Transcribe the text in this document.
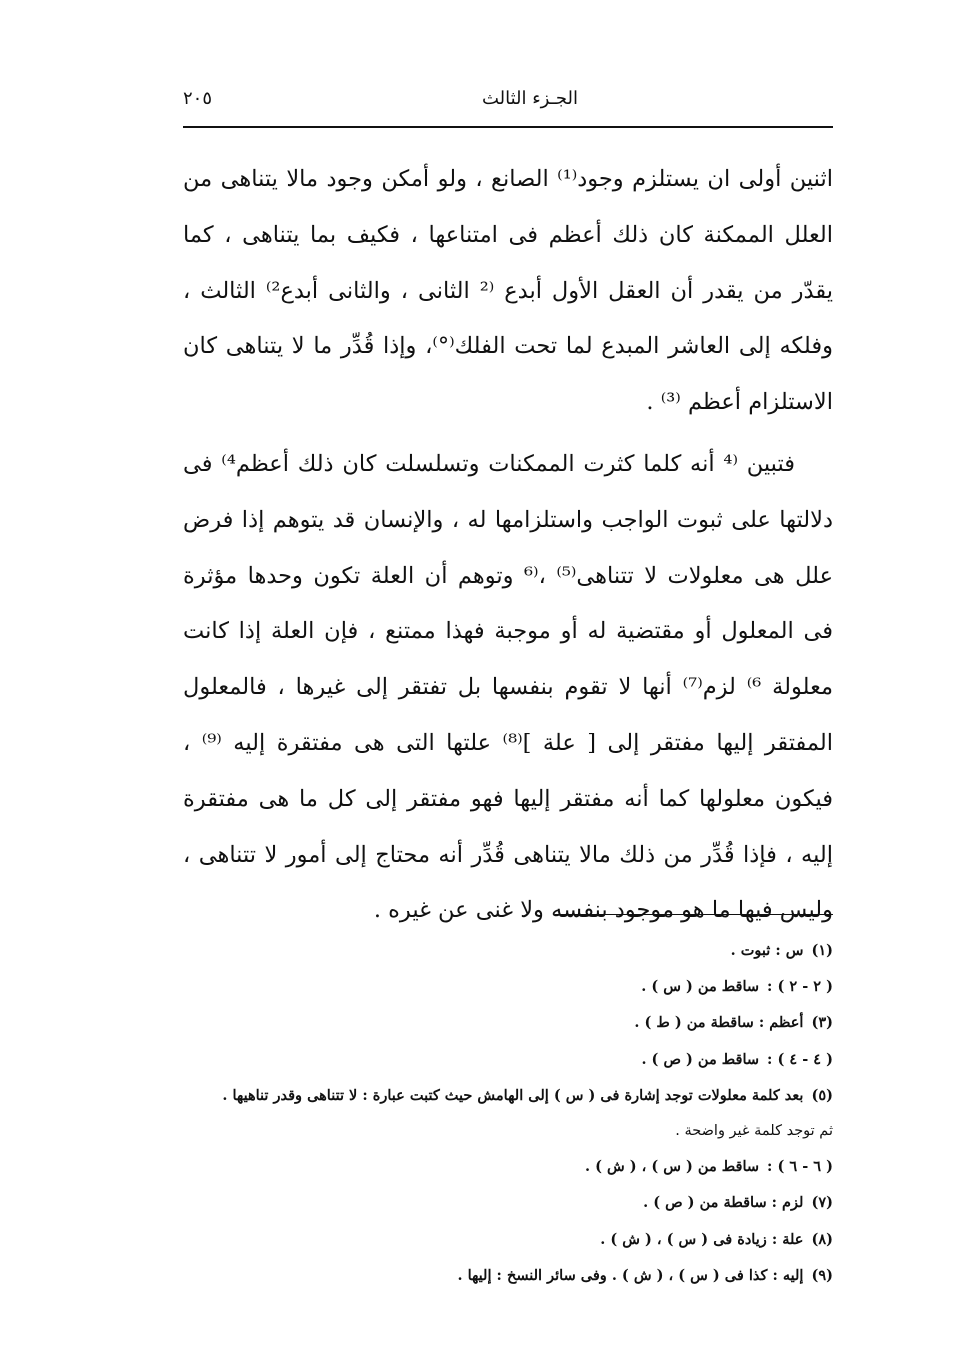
الجـزء الثالث
٢٠٥

اثنين أولى ان يستلزم وجود⁽¹⁾ الصانع ، ولو أمكن وجود مالا يتناهى من العلل الممكنة كان ذلك أعظم فى امتناعها ، فكيف بما يتناهى ، كما يقدّر من يقدر أن العقل الأول أبدع ⁽² الثانى ، والثانى أبدع²⁾ الثالث ، وفلكه إلى العاشر المبدع لما تحت الفلك⁽°⁾، وإذا قُدِّر ما لا يتناهى كان الاستلزام أعظم ⁽³⁾ .

فتبين ⁽⁴ أنه كلما كثرت الممكنات وتسلسلت كان ذلك أعظم⁴⁾ فى دلالتها على ثبوت الواجب واستلزامها له ، والإنسان قد يتوهم إذا فرض علل هى معلولات لا تتناهى⁽⁵⁾ ،⁽⁶ وتوهم أن العلة تكون وحدها مؤثرة فى المعلول أو مقتضية له أو موجبة فهذا ممتنع ، فإن العلة إذا كانت معلولة ⁶⁾ لزم⁽⁷⁾ أنها لا تقوم بنفسها بل تفتقر إلى غيرها ، فالمعلول المفتقر إليها مفتقر إلى [ علة ]⁽⁸⁾ علتها التى هى مفتقرة إليه ⁽⁹⁾ ، فيكون معلولها كما أنه مفتقر إليها فهو مفتقر إلى كل ما هى مفتقرة إليه ، فإذا قُدِّر من ذلك مالا يتناهى قُدِّر أنه محتاج إلى أمور لا تتناهى ، وليس فيها ما هو موجود بنفسه ولا غنى عن غيره .

(١)س : ثبوت .
( ٢ - ٢ ) :ساقط من ( س ) .
(٣)أعظم : ساقطة من ( ط ) .
( ٤ - ٤ ) :ساقط من ( ص ) .
(٥)بعد كلمة معلولات توجد إشارة فى ( س ) إلى الهامش حيث كتبت عبارة : لا تتناهى وقدر تناهيها .
ثم توجد كلمة غير واضحة .
( ٦ - ٦ ) :ساقط من ( س ) ، ( ش ) .
(٧)لزم : ساقطة من ( ص ) .
(٨)علة : زيادة فى ( س ) ، ( ش ) .
(٩)إليه : كذا فى ( س ) ، ( ش ) . وفى سائر النسخ : إليها .
